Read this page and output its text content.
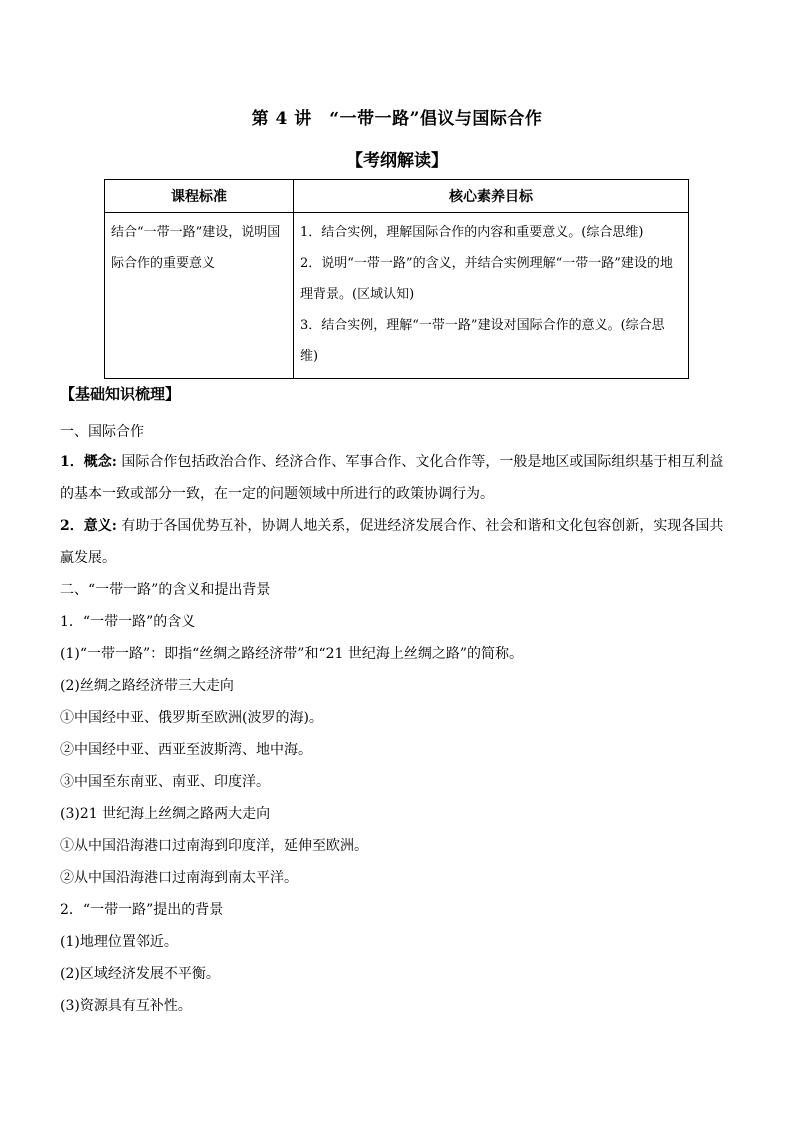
第 4 讲　“一带一路”倡议与国际合作
【考纲解读】
课程标准	核心素养目标
结合“一带一路”建设，说明国际合作的重要意义	1．结合实例，理解国际合作的内容和重要意义。(综合思维)
2．说明“一带一路”的含义，并结合实例理解“一带一路”建设的地理背景。(区域认知)
3．结合实例，理解“一带一路”建设对国际合作的意义。(综合思维)
【基础知识梳理】
一、国际合作
1．概念: 国际合作包括政治合作、经济合作、军事合作、文化合作等，一般是地区或国际组织基于相互利益的基本一致或部分一致，在一定的问题领域中所进行的政策协调行为。
2．意义: 有助于各国优势互补，协调人地关系，促进经济发展合作、社会和谐和文化包容创新，实现各国共赢发展。
二、“一带一路”的含义和提出背景
1．“一带一路”的含义
(1)“一带一路”：即指“丝绸之路经济带”和“21 世纪海上丝绸之路”的简称。
(2)丝绸之路经济带三大走向
①中国经中亚、俄罗斯至欧洲(波罗的海)。
②中国经中亚、西亚至波斯湾、地中海。
③中国至东南亚、南亚、印度洋。
(3)21 世纪海上丝绸之路两大走向
①从中国沿海港口过南海到印度洋，延伸至欧洲。
②从中国沿海港口过南海到南太平洋。
2．“一带一路”提出的背景
(1)地理位置邻近。
(2)区域经济发展不平衡。
(3)资源具有互补性。
